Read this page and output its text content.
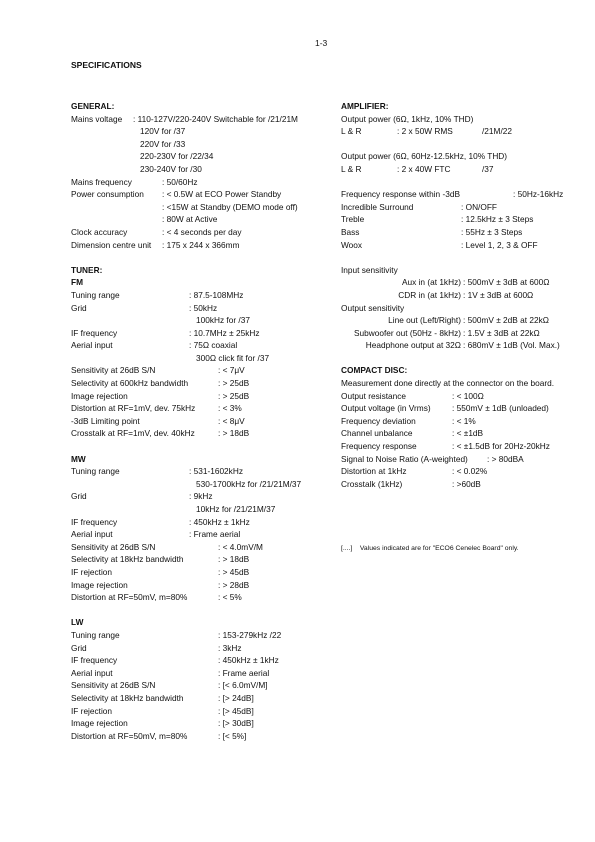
1-3
SPECIFICATIONS
GENERAL:
Mains voltage : 110-127V/220-240V Switchable for /21/21M
120V for /37
220V for /33
220-230V for /22/34
230-240V for /30
Mains frequency	: 50/60Hz
Power consumption : < 0.5W at ECO Power Standby
: <15W at Standby (DEMO mode off)
: 80W at Active
Clock accuracy	: < 4 seconds per day
Dimension centre unit : 175 x 244 x 366mm
TUNER:
FM
Tuning range	: 87.5-108MHz
Grid	: 50kHz
100kHz for /37
IF frequency	: 10.7MHz ± 25kHz
Aerial input	: 75Ω coaxial
300Ω click fit for /37
Sensitivity at 26dB S/N	: < 7μV
Selectivity at 600kHz bandwidth	: > 25dB
Image rejection	: > 25dB
Distortion at RF=1mV, dev. 75kHz	: < 3%
-3dB Limiting point	: < 8μV
Crosstalk at RF=1mV, dev. 40kHz	: > 18dB
MW
Tuning range	: 531-1602kHz
530-1700kHz for /21/21M/37
Grid	: 9kHz
10kHz for /21/21M/37
IF frequency	: 450kHz ± 1kHz
Aerial input	: Frame aerial
Sensitivity at 26dB S/N	: < 4.0mV/M
Selectivity at 18kHz bandwidth	: > 18dB
IF rejection	: > 45dB
Image rejection	: > 28dB
Distortion at RF=50mV, m=80%	: < 5%
LW
Tuning range	: 153-279kHz /22
Grid	: 3kHz
IF frequency	: 450kHz ± 1kHz
Aerial input	: Frame aerial
Sensitivity at 26dB S/N	: [< 6.0mV/M]
Selectivity at 18kHz bandwidth	: [> 24dB]
IF rejection	: [> 45dB]
Image rejection	: [> 30dB]
Distortion at RF=50mV, m=80%	: [< 5%]
AMPLIFIER:
Output power (6Ω, 1kHz, 10% THD)
L & R	: 2 x 50W RMS	/21M/22
Output power (6Ω, 60Hz-12.5kHz, 10% THD)
L & R	: 2 x 40W FTC	/37
Frequency response within -3dB	: 50Hz-16kHz
Incredible Surround	: ON/OFF
Treble	: 12.5kHz ± 3 Steps
Bass	: 55Hz ± 3 Steps
Woox	: Level 1, 2, 3 & OFF
Input sensitivity
Aux in (at 1kHz) : 500mV ± 3dB at 600Ω
CDR in (at 1kHz) : 1V ± 3dB at 600Ω
Output sensitivity
Line out (Left/Right) : 500mV ± 2dB at 22kΩ
Subwoofer out (50Hz - 8kHz) : 1.5V ± 3dB at 22kΩ
Headphone output at 32Ω : 680mV ± 1dB (Vol. Max.)
COMPACT DISC:
Measurement done directly at the connector on the board.
Output resistance	: < 100Ω
Output voltage (in Vrms)	: 550mV ± 1dB (unloaded)
Frequency deviation	: < 1%
Channel unbalance	: < ±1dB
Frequency response	: < ±1.5dB for 20Hz-20kHz
Signal to Noise Ratio (A-weighted) : > 80dBA
Distortion at 1kHz	: < 0.02%
Crosstalk (1kHz)	: >60dB
[....] Values indicated are for "ECO6 Cenelec Board" only.
